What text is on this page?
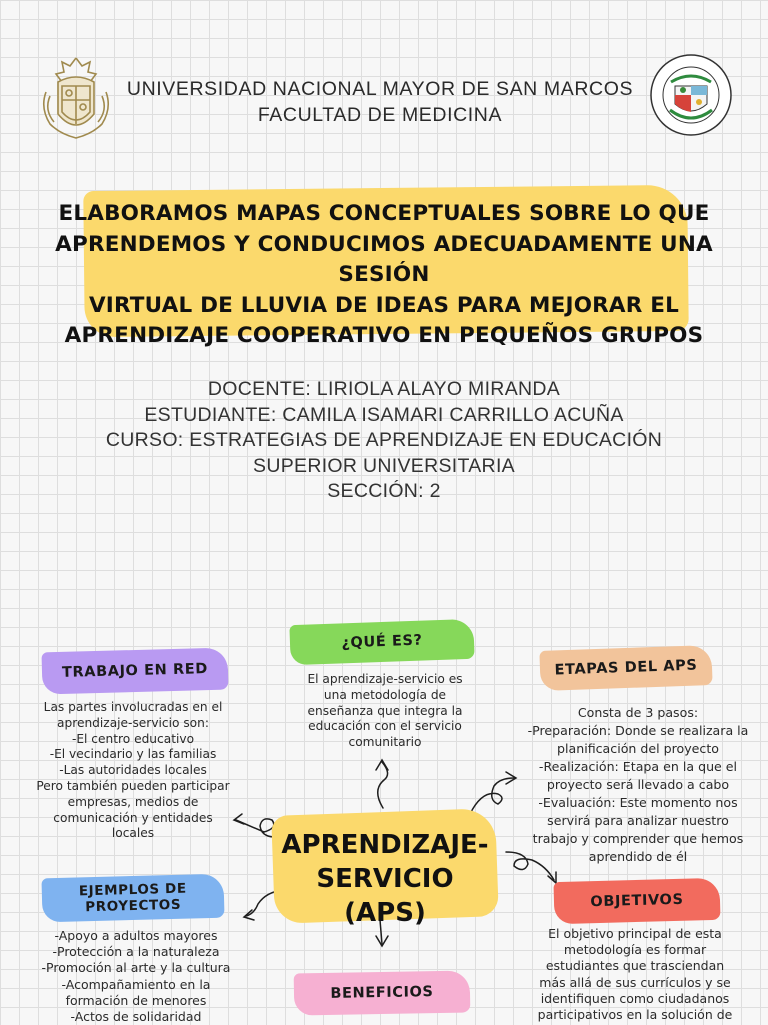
UNIVERSIDAD NACIONAL MAYOR DE SAN MARCOS
FACULTAD DE MEDICINA
ELABORAMOS MAPAS CONCEPTUALES SOBRE LO QUE
APRENDEMOS Y CONDUCIMOS ADECUADAMENTE UNA SESIÓN
VIRTUAL DE LLUVIA DE IDEAS PARA MEJORAR EL
APRENDIZAJE COOPERATIVO EN PEQUEÑOS GRUPOS
DOCENTE: LIRIOLA ALAYO MIRANDA
ESTUDIANTE: CAMILA ISAMARI CARRILLO ACUÑA
CURSO: ESTRATEGIAS DE APRENDIZAJE EN EDUCACIÓN
SUPERIOR UNIVERSITARIA
SECCIÓN: 2
¿QUÉ ES?
El aprendizaje-servicio es
una metodología de
enseñanza que integra la
educación con el servicio
comunitario
TRABAJO EN RED
Las partes involucradas en el
aprendizaje-servicio son:
-El centro educativo
-El vecindario y las familias
-Las autoridades locales
Pero también pueden participar
empresas, medios de
comunicación y entidades
locales
ETAPAS DEL APS
Consta de 3 pasos:
-Preparación: Donde se realizara la
planificación del proyecto
-Realización: Etapa en la que el
proyecto será llevado a cabo
-Evaluación: Este momento nos
servirá para analizar nuestro
trabajo y comprender que hemos
aprendido de él
APRENDIZAJE-
SERVICIO (APS)
EJEMPLOS DE
PROYECTOS
-Apoyo a adultos mayores
-Protección a la naturaleza
-Promoción al arte y la cultura
-Acompañamiento en la
formación de menores
-Actos de solidaridad
OBJETIVOS
El objetivo principal de esta
metodología es formar
estudiantes que trasciendan
más allá de sus currículos y se
identifiquen como ciudadanos
participativos en la solución de
BENEFICIOS
